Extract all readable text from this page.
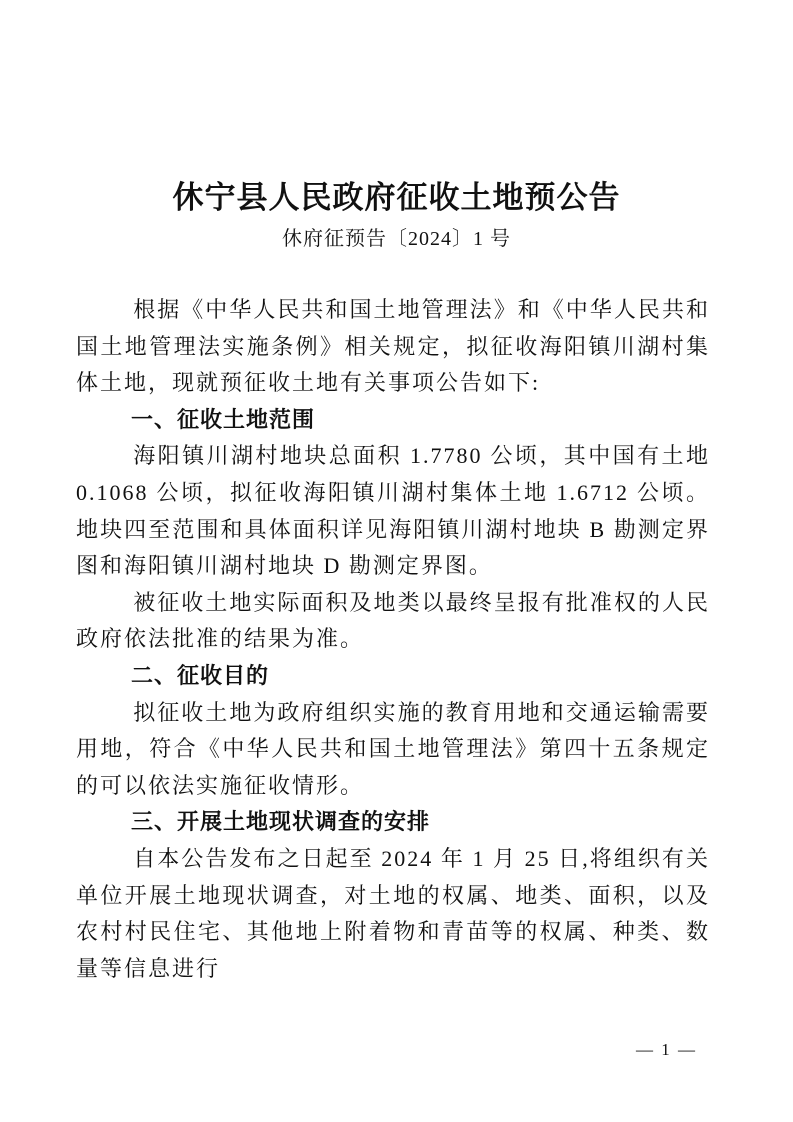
休宁县人民政府征收土地预公告
休府征预告〔2024〕1 号

根据《中华人民共和国土地管理法》和《中华人民共和国土地管理法实施条例》相关规定，拟征收海阳镇川湖村集体土地，现就预征收土地有关事项公告如下:

一、征收土地范围

海阳镇川湖村地块总面积 1.7780 公顷，其中国有土地 0.1068 公顷，拟征收海阳镇川湖村集体土地 1.6712 公顷。地块四至范围和具体面积详见海阳镇川湖村地块 B 勘测定界图和海阳镇川湖村地块 D 勘测定界图。

被征收土地实际面积及地类以最终呈报有批准权的人民政府依法批准的结果为准。

二、征收目的

拟征收土地为政府组织实施的教育用地和交通运输需要用地，符合《中华人民共和国土地管理法》第四十五条规定的可以依法实施征收情形。

三、开展土地现状调查的安排

自本公告发布之日起至 2024 年 1 月 25 日,将组织有关单位开展土地现状调查，对土地的权属、地类、面积，以及农村村民住宅、其他地上附着物和青苗等的权属、种类、数量等信息进行

— 1 —
